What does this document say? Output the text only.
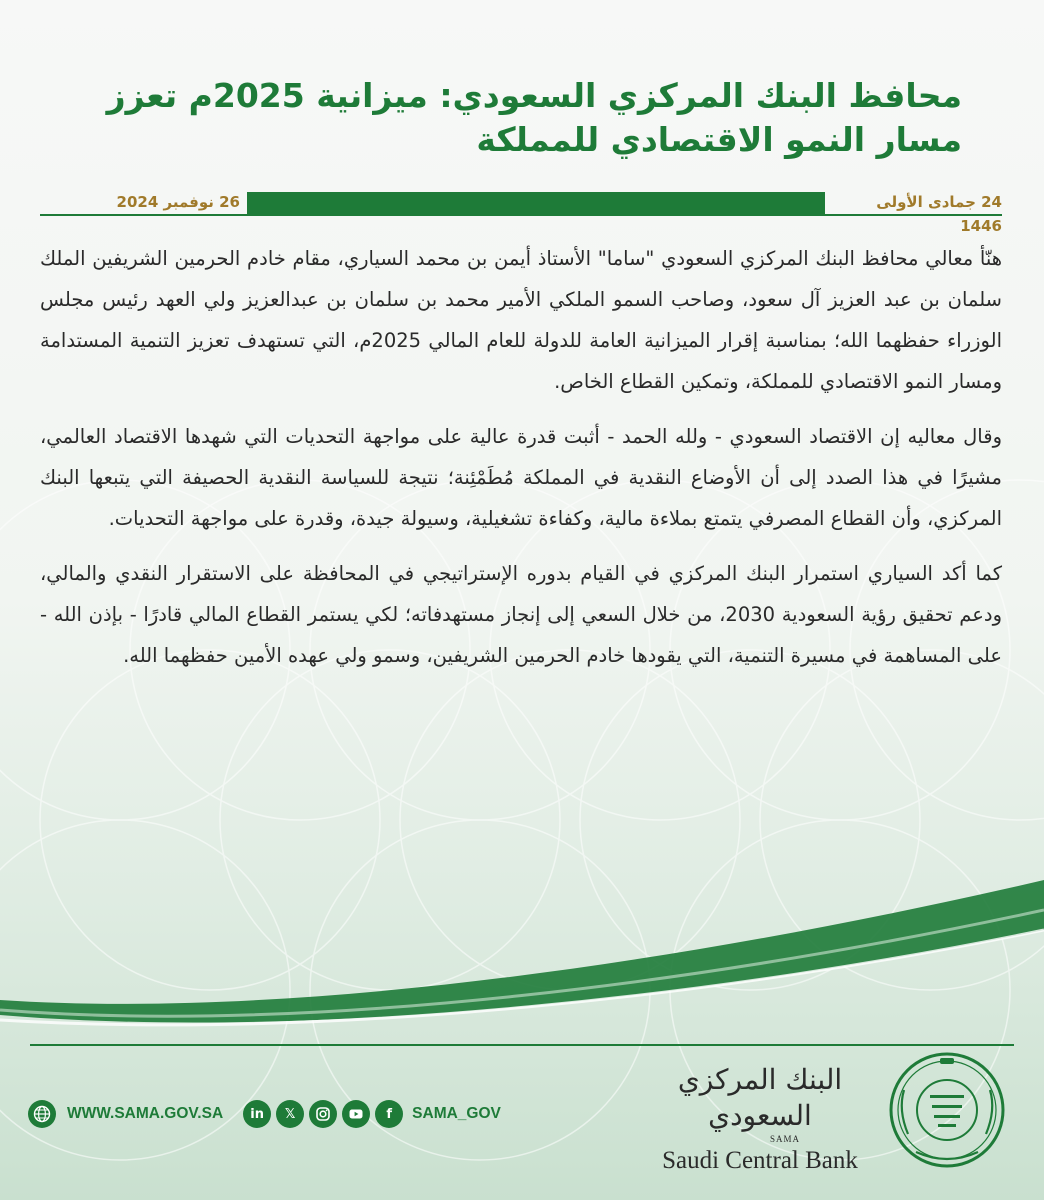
محافظ البنك المركزي السعودي: ميزانية 2025م تعزز مسار النمو الاقتصادي للمملكة
24 جمادى الأولى 1446
26 نوفمبر 2024

هنّأ معالي محافظ البنك المركزي السعودي "ساما" الأستاذ أيمن بن محمد السياري، مقام خادم الحرمين الشريفين الملك سلمان بن عبد العزيز آل سعود، وصاحب السمو الملكي الأمير محمد بن سلمان بن عبدالعزيز ولي العهد رئيس مجلس الوزراء حفظهما الله؛ بمناسبة إقرار الميزانية العامة للدولة للعام المالي 2025م، التي تستهدف تعزيز التنمية المستدامة ومسار النمو الاقتصادي للمملكة، وتمكين القطاع الخاص.

وقال معاليه إن الاقتصاد السعودي - ولله الحمد - أثبت قدرة عالية على مواجهة التحديات التي شهدها الاقتصاد العالمي، مشيرًا في هذا الصدد إلى أن الأوضاع النقدية في المملكة مُطَمْئِنة؛ نتيجة للسياسة النقدية الحصيفة التي يتبعها البنك المركزي، وأن القطاع المصرفي يتمتع بملاءة مالية، وكفاءة تشغيلية، وسيولة جيدة، وقدرة على مواجهة التحديات.

كما أكد السياري استمرار البنك المركزي في القيام بدوره الإستراتيجي في المحافظة على الاستقرار النقدي والمالي، ودعم تحقيق رؤية السعودية 2030، من خلال السعي إلى إنجاز مستهدفاته؛ لكي يستمر القطاع المالي قادرًا - بإذن الله - على المساهمة في مسيرة التنمية، التي يقودها خادم الحرمين الشريفين، وسمو ولي عهده الأمين حفظهما الله.

WWW.SAMA.GOV.SA	in	𝕏	f	SAMA_GOV
البنك المركزي السعودي
SAMA
Saudi Central Bank
